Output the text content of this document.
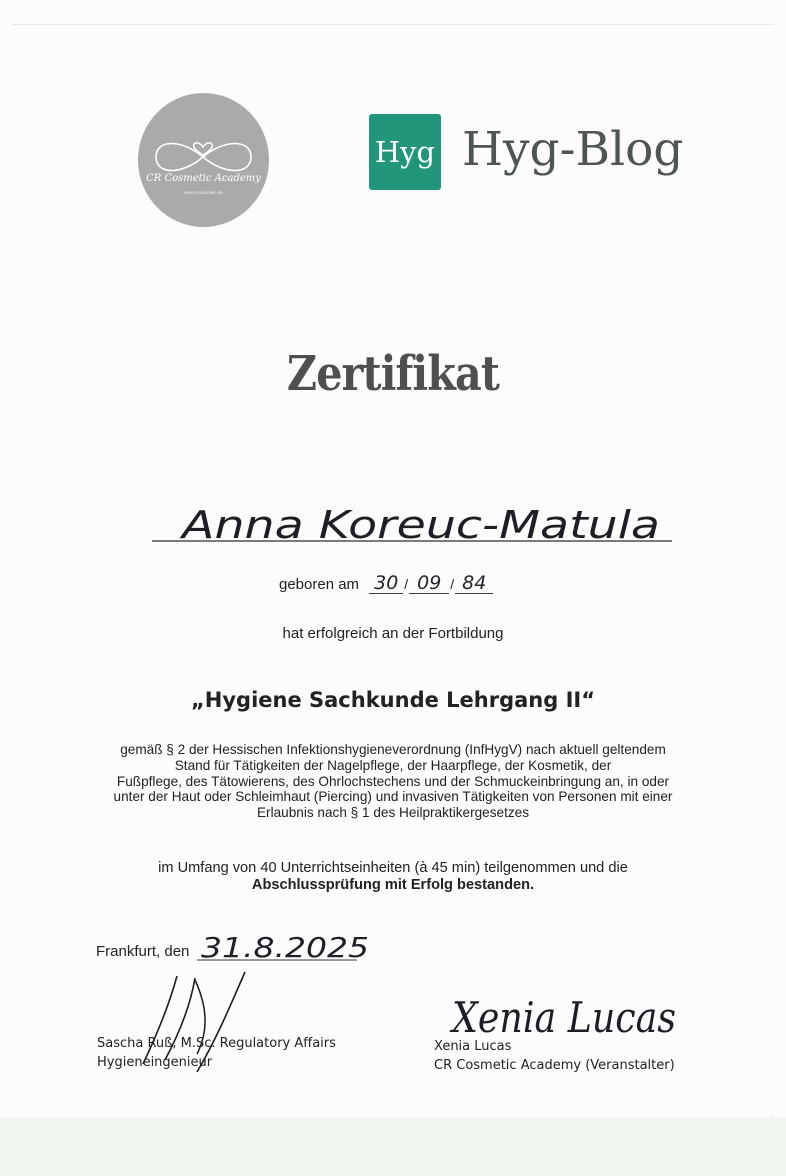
CR Cosmetic Academy
www.crcosmetic.de
Hyg Hyg-Blog
Zertifikat
Anna Koreuc-Matula
geboren am 30 / 09 / 84
hat erfolgreich an der Fortbildung
„Hygiene Sachkunde Lehrgang II“
gemäß § 2 der Hessischen Infektionshygieneverordnung (InfHygV) nach aktuell geltendem
Stand für Tätigkeiten der Nagelpflege, der Haarpflege, der Kosmetik, der
Fußpflege, des Tätowierens, des Ohrlochstechens und der Schmuckeinbringung an, in oder
unter der Haut oder Schleimhaut (Piercing) und invasiven Tätigkeiten von Personen mit einer
Erlaubnis nach § 1 des Heilpraktikergesetzes
im Umfang von 40 Unterrichtseinheiten (à 45 min) teilgenommen und die
Abschlussprüfung mit Erfolg bestanden.
Frankfurt, den 31.8.2025
Sascha Ruß, M.Sc. Regulatory Affairs
Hygieneingenieur
Xenia Lucas
Xenia Lucas
CR Cosmetic Academy (Veranstalter)
